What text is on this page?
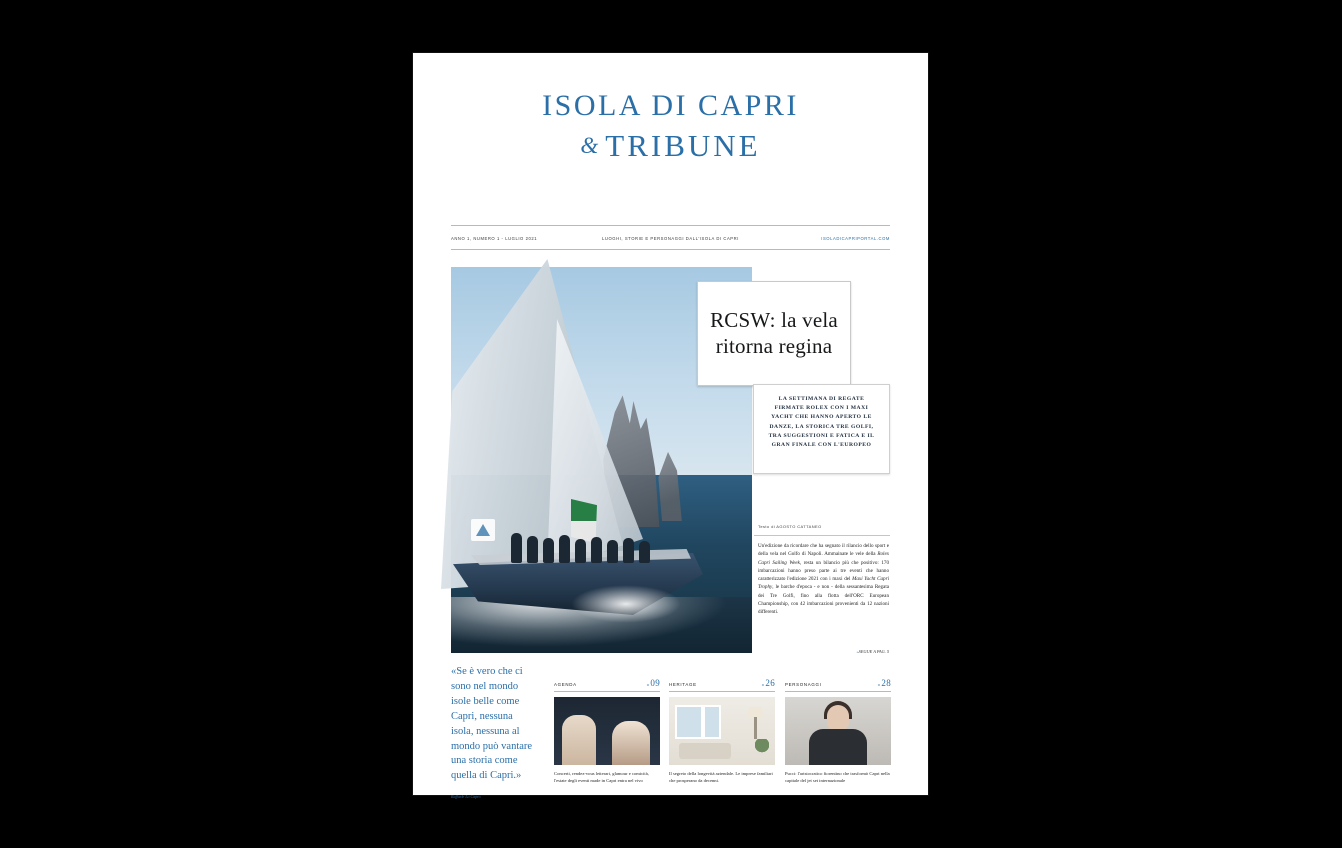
ISOLA DI CAPRI
& TRIBUNE
ANNO 1, NUMERO 1 - LUGLIO 2021	LUOGHI, STORIE E PERSONAGGI DALL'ISOLA DI CAPRI	ISOLADICAPRIPORTAL.COM
RCSW: la vela ritorna regina
LA SETTIMANA DI REGATE FIRMATE ROLEX CON I MAXI YACHT CHE HANNO APERTO LE DANZE, LA STORICA TRE GOLFI, TRA SUGGESTIONI E FATICA E IL GRAN FINALE CON L'EUROPEO
Testo di AGOSTO CATTANEO
Un'edizione da ricordare che ha segnato il rilancio dello sport e della vela nel Golfo di Napoli. Ammainate le vele della Rolex Capri Sailing Week, resta un bilancio più che positivo: 170 imbarcazioni hanno preso parte ai tre eventi che hanno caratterizzato l'edizione 2021 con i maxi del Maxi Yacht Capri Trophy, le barche d'epoca - e non - della sessantesima Regata dei Tre Golfi, fino alla flotta dell'ORC European Championship, con 42 imbarcazioni provenienti da 12 nazioni differenti.
» SEGUE A PAG. 5
«Se è vero che ci sono nel mondo isole belle come Capri, nessuna isola, nessuna al mondo può vantare una storia come quella di Capri.»
Raffaele Lo Capro
AGENDA	»09
Concerti, rendez-vous letterari, glamour e comicità, l'estate degli eventi made in Capri entra nel vivo
HERITAGE	»26
Il segreto della longevità aziendale. Le imprese familiari che prosperano da decenni.
PERSONAGGI	»28
Pucci: l'aristocratico fiorentino che trasformò Capri nella capitale del jet set internazionale
